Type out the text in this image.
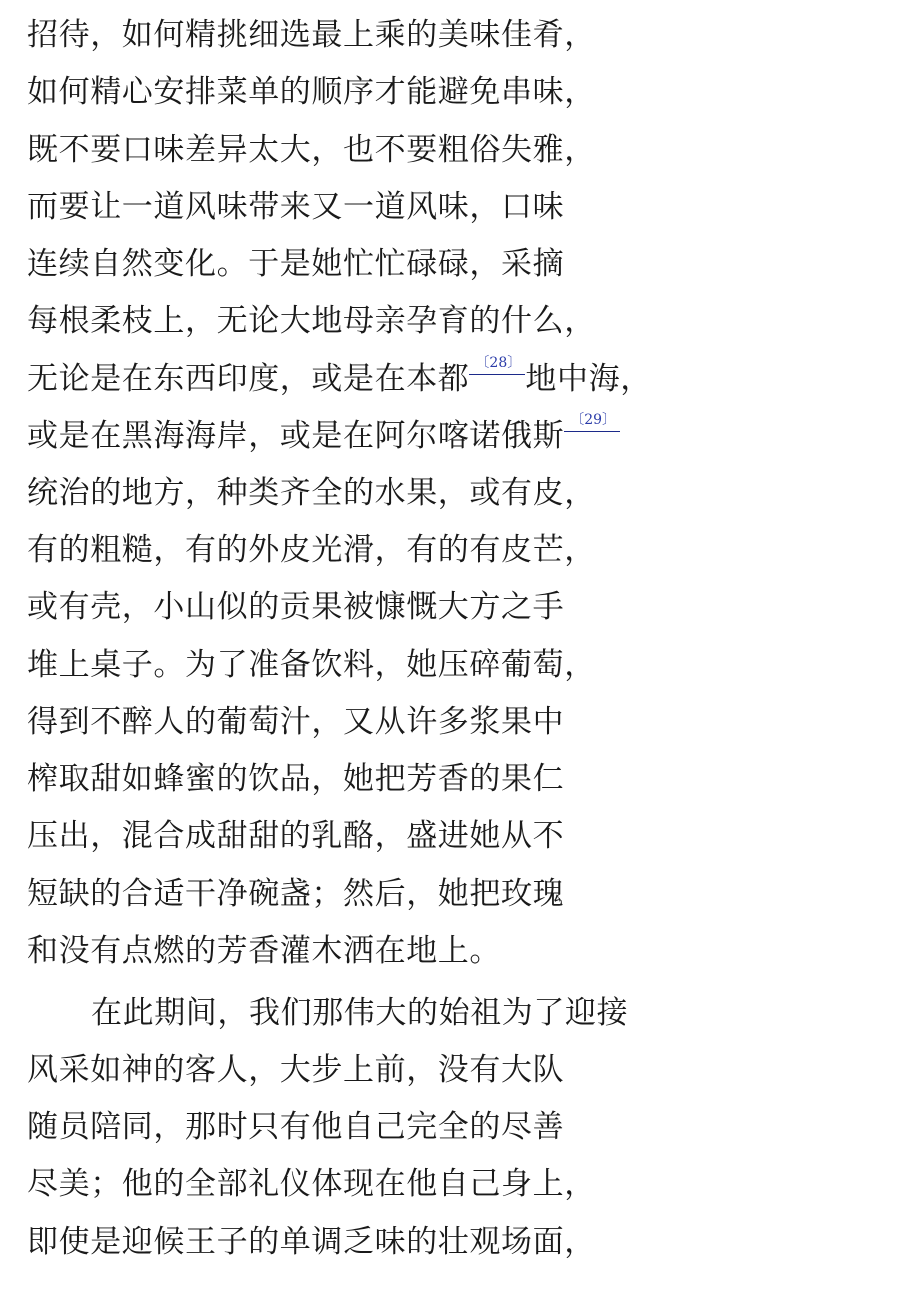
招待，如何精挑细选最上乘的美味佳肴，
如何精心安排菜单的顺序才能避免串味，
既不要口味差异太大，也不要粗俗失雅，
而要让一道风味带来又一道风味，口味
连续自然变化。于是她忙忙碌碌，采摘
每根柔枝上，无论大地母亲孕育的什么，
无论是在东西印度，或是在本都 〔28〕 地中海，
或是在黑海海岸，或是在阿尔喀诺俄斯 〔29〕
统治的地方，种类齐全的水果，或有皮，
有的粗糙，有的外皮光滑，有的有皮芒，
或有壳，小山似的贡果被慷慨大方之手
堆上桌子。为了准备饮料，她压碎葡萄，
得到不醉人的葡萄汁，又从许多浆果中
榨取甜如蜂蜜的饮品，她把芳香的果仁
压出，混合成甜甜的乳酪，盛进她从不
短缺的合适干净碗盏；然后，她把玫瑰
和没有点燃的芳香灌木洒在地上。
在此期间，我们那伟大的始祖为了迎接
风采如神的客人，大步上前，没有大队
随员陪同，那时只有他自己完全的尽善
尽美；他的全部礼仪体现在他自己身上，
即使是迎候王子的单调乏味的壮观场面，
